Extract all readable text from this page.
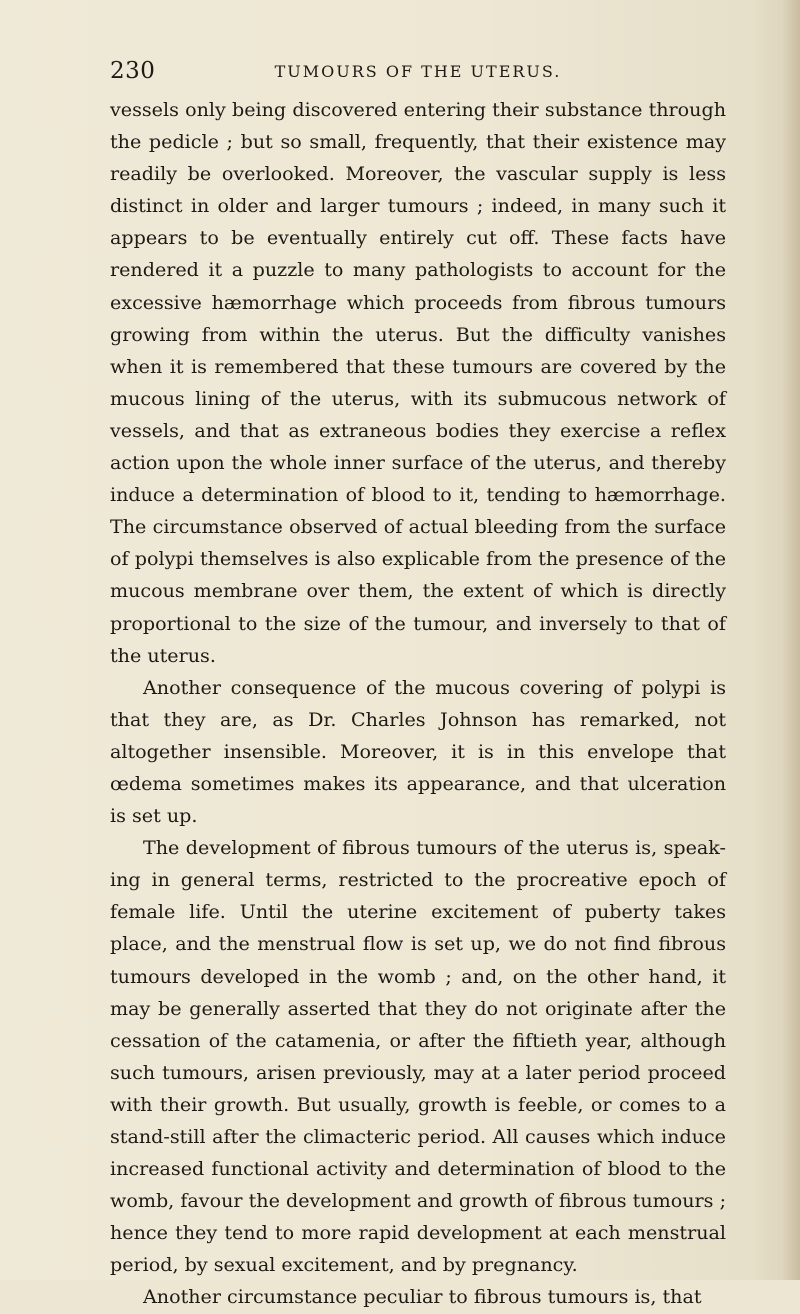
230	TUMOURS OF THE UTERUS.

vessels only being discovered entering their substance through the pedicle ; but so small, frequently, that their existence may readily be overlooked. Moreover, the vascular supply is less distinct in older and larger tumours ; indeed, in many such it appears to be eventually entirely cut off. These facts have rendered it a puzzle to many pathologists to account for the excessive hæmorrhage which proceeds from fibrous tumours growing from within the uterus. But the difficulty vanishes when it is remembered that these tumours are covered by the mucous lining of the uterus, with its submucous network of vessels, and that as extraneous bodies they exercise a reflex action upon the whole inner surface of the uterus, and thereby induce a determination of blood to it, tending to hæmorrhage. The circumstance observed of actual bleeding from the surface of polypi themselves is also explicable from the presence of the mucous membrane over them, the extent of which is directly proportional to the size of the tumour, and inversely to that of the uterus.

Another consequence of the mucous covering of polypi is that they are, as Dr. Charles Johnson has remarked, not altogether insensible. Moreover, it is in this envelope that œdema sometimes makes its appearance, and that ulceration is set up.

The development of fibrous tumours of the uterus is, speak- ing in general terms, restricted to the procreative epoch of female life. Until the uterine excitement of puberty takes place, and the menstrual flow is set up, we do not find fibrous tumours developed in the womb ; and, on the other hand, it may be generally asserted that they do not originate after the cessation of the catamenia, or after the fiftieth year, although such tumours, arisen previously, may at a later period proceed with their growth. But usually, growth is feeble, or comes to a stand-still after the climacteric period. All causes which induce increased functional activity and determination of blood to the womb, favour the development and growth of fibrous tumours ; hence they tend to more rapid development at each menstrual period, by sexual excitement, and by pregnancy.

Another circumstance peculiar to fibrous tumours is, that
